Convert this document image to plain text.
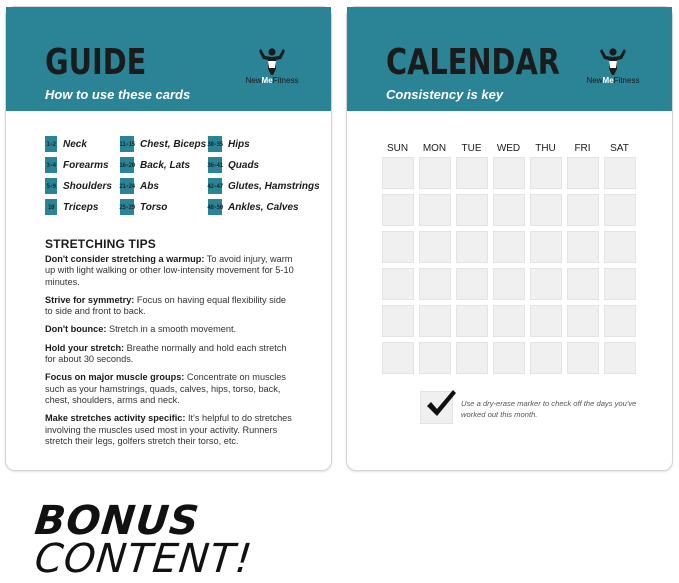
GUIDE
How to use these cards
NewMeFitness
1-2 Neck
3-4 Forearms
5-9 Shoulders
10 Triceps
11-15 Chest, Biceps
16-20 Back, Lats
21-24 Abs
25-29 Torso
30-35 Hips
36-41 Quads
42-47 Glutes, Hamstrings
48-50 Ankles, Calves
STRETCHING TIPS
Don't consider stretching a warmup: To avoid injury, warm up with light walking or other low-intensity movement for 5-10 minutes.
Strive for symmetry: Focus on having equal flexibility side to side and front to back.
Don't bounce: Stretch in a smooth movement.
Hold your stretch: Breathe normally and hold each stretch for about 30 seconds.
Focus on major muscle groups: Concentrate on muscles such as your hamstrings, quads, calves, hips, torso, back, chest, shoulders, arms and neck.
Make stretches activity specific: It's helpful to do stretches involving the muscles used most in your activity. Runners stretch their legs, golfers stretch their torso, etc.
CALENDAR
Consistency is key
NewMeFitness
SUN	MON	TUE	WED	THU	FRI	SAT
Use a dry-erase marker to check off the days you've worked out this month.
BONUS
CONTENT!
